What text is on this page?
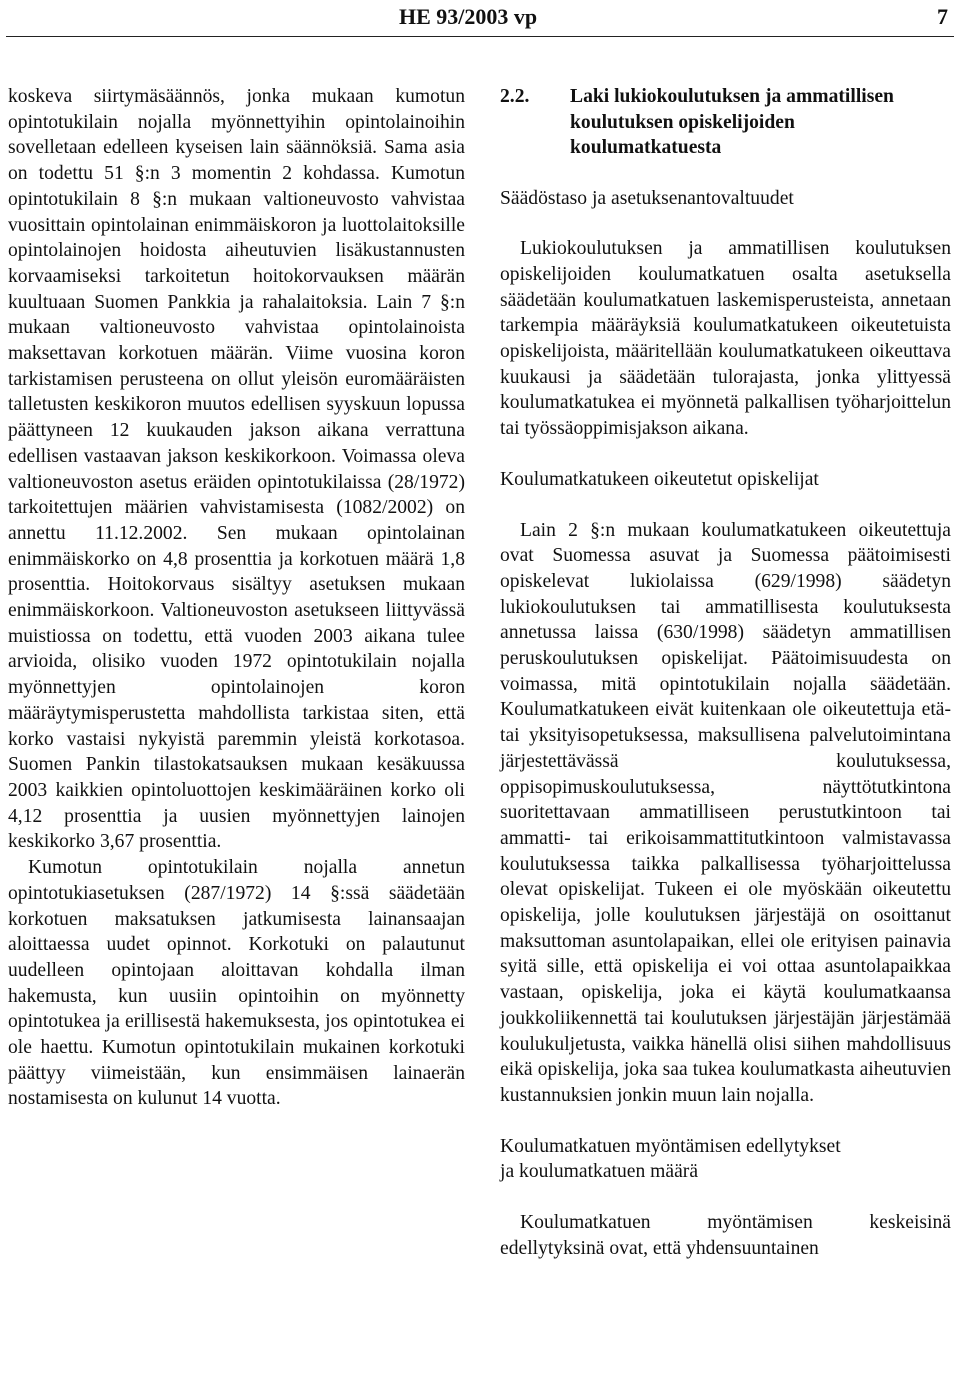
HE 93/2003 vp	7

koskeva siirtymäsäännös, jonka mukaan kumotun opintotukilain nojalla myönnettyihin opintolainoihin sovelletaan edelleen kyseisen lain säännöksiä. Sama asia on todettu 51 §:n 3 momentin 2 kohdassa. Kumotun opintotukilain 8 §:n mukaan valtioneuvosto vahvistaa vuosittain opintolainan enimmäiskoron ja luottolaitoksille opintolainojen hoidosta aiheutuvien lisäkustannusten korvaamiseksi tarkoitetun hoitokorvauksen määrän kuultuaan Suomen Pankkia ja rahalaitoksia. Lain 7 §:n mukaan valtioneuvosto vahvistaa opintolainoista maksettavan korkotuen määrän. Viime vuosina koron tarkistamisen perusteena on ollut yleisön euromääräisten talletusten keskikoron muutos edellisen syyskuun lopussa päättyneen 12 kuukauden jakson aikana verrattuna edellisen vastaavan jakson keskikorkoon. Voimassa oleva valtioneuvoston asetus eräiden opintotukilaissa (28/1972) tarkoitettujen määrien vahvistamisesta (1082/2002) on annettu 11.12.2002. Sen mukaan opintolainan enimmäiskorko on 4,8 prosenttia ja korkotuen määrä 1,8 prosenttia. Hoitokorvaus sisältyy asetuksen mukaan enimmäiskorkoon. Valtioneuvoston asetukseen liittyvässä muistiossa on todettu, että vuoden 2003 aikana tulee arvioida, olisiko vuoden 1972 opintotukilain nojalla myönnettyjen opintolainojen koron määräytymisperustetta mahdollista tarkistaa siten, että korko vastaisi nykyistä paremmin yleistä korkotasoa. Suomen Pankin tilastokatsauksen mukaan kesäkuussa 2003 kaikkien opintoluottojen keskimääräinen korko oli 4,12 prosenttia ja uusien myönnettyjen lainojen keskikorko 3,67 prosenttia.

Kumotun opintotukilain nojalla annetun opintotukiasetuksen (287/1972) 14 §:ssä säädetään korkotuen maksatuksen jatkumisesta lainansaajan aloittaessa uudet opinnot. Korkotuki on palautunut uudelleen opintojaan aloittavan kohdalla ilman hakemusta, kun uusiin opintoihin on myönnetty opintotukea ja erillisestä hakemuksesta, jos opintotukea ei ole haettu. Kumotun opintotukilain mukainen korkotuki päättyy viimeistään, kun ensimmäisen lainaerän nostamisesta on kulunut 14 vuotta.

2.2.	Laki lukiokoulutuksen ja ammatillisen koulutuksen opiskelijoiden koulumatkatuesta

Säädöstaso ja asetuksenantovaltuudet

Lukiokoulutuksen ja ammatillisen koulutuksen opiskelijoiden koulumatkatuen osalta asetuksella säädetään koulumatkatuen laskemisperusteista, annetaan tarkempia määräyksiä koulumatkatukeen oikeutetuista opiskelijoista, määritellään koulumatkatukeen oikeuttava kuukausi ja säädetään tulorajasta, jonka ylittyessä koulumatkatukea ei myönnetä palkallisen työharjoittelun tai työssäoppimisjakson aikana.

Koulumatkatukeen oikeutetut opiskelijat

Lain 2 §:n mukaan koulumatkatukeen oikeutettuja ovat Suomessa asuvat ja Suomessa päätoimisesti opiskelevat lukiolaissa (629/1998) säädetyn lukiokoulutuksen tai ammatillisesta koulutuksesta annetussa laissa (630/1998) säädetyn ammatillisen peruskoulutuksen opiskelijat. Päätoimisuudesta on voimassa, mitä opintotukilain nojalla säädetään. Koulumatkatukeen eivät kuitenkaan ole oikeutettuja etä- tai yksityisopetuksessa, maksullisena palvelutoimintana järjestettävässä koulutuksessa, oppisopimuskoulutuksessa, näyttötutkintona suoritettavaan ammatilliseen perustutkintoon tai ammatti- tai erikoisammattitutkintoon valmistavassa koulutuksessa taikka palkallisessa työharjoittelussa olevat opiskelijat. Tukeen ei ole myöskään oikeutettu opiskelija, jolle koulutuksen järjestäjä on osoittanut maksuttoman asuntolapaikan, ellei ole erityisen painavia syitä sille, että opiskelija ei voi ottaa asuntolapaikkaa vastaan, opiskelija, joka ei käytä koulumatkaansa joukkoliikennettä tai koulutuksen järjestäjän järjestämää koulukuljetusta, vaikka hänellä olisi siihen mahdollisuus eikä opiskelija, joka saa tukea koulumatkasta aiheutuvien kustannuksien jonkin muun lain nojalla.

Koulumatkatuen myöntämisen edellytykset

ja koulumatkatuen määrä

Koulumatkatuen myöntämisen keskeisinä edellytyksinä ovat, että yhdensuuntainen
